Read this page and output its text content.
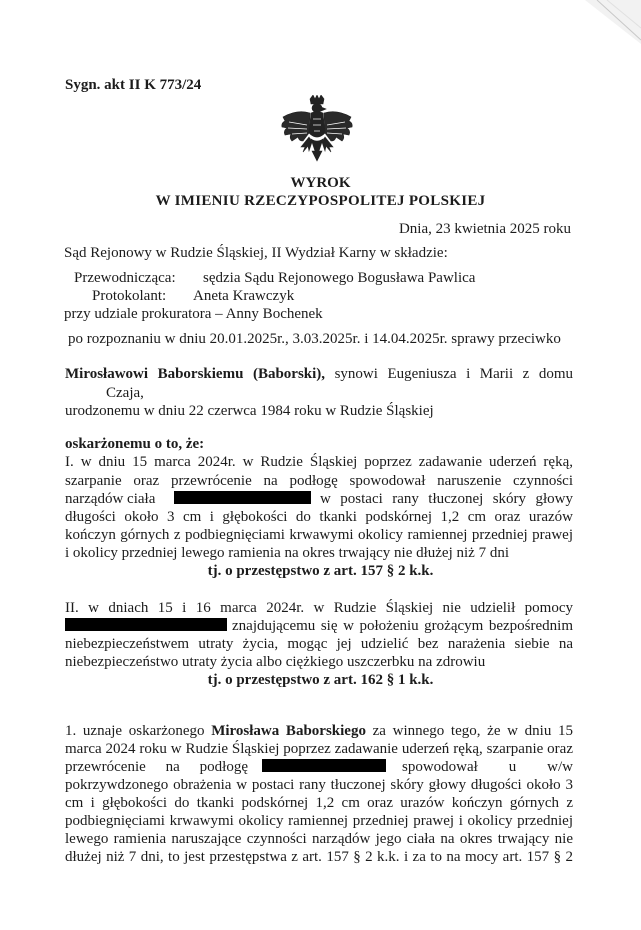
Sygn. akt II K 773/24
WYROK
W IMIENIU RZECZYPOSPOLITEJ POLSKIEJ
Dnia, 23 kwietnia 2025 roku
Sąd Rejonowy w Rudzie Śląskiej, II Wydział Karny w składzie:
Przewodnicząca: sędzia Sądu Rejonowego Bogusława Pawlica
Protokolant: Aneta Krawczyk
przy udziale prokuratora – Anny Bochenek
po rozpoznaniu w dniu 20.01.2025r., 3.03.2025r. i 14.04.2025r. sprawy przeciwko
Mirosławowi Baborskiemu (Baborski), synowi Eugeniusza i Marii z domu
Czaja,
urodzonemu w dniu 22 czerwca 1984 roku w Rudzie Śląskiej
oskarżonemu o to, że:
I. w dniu 15 marca 2024r. w Rudzie Śląskiej poprzez zadawanie uderzeń ręką,
szarpanie oraz przewrócenie na podłogę spowodował naruszenie czynności
narządów ciała	w postaci rany tłuczonej skóry głowy
długości około 3 cm i głębokości do tkanki podskórnej 1,2 cm oraz urazów
kończyn górnych z podbiegnięciami krwawymi okolicy ramiennej przedniej prawej
i okolicy przedniej lewego ramienia na okres trwający nie dłużej niż 7 dni
tj. o przestępstwo z art. 157 § 2 k.k.
II. w dniach 15 i 16 marca 2024r. w Rudzie Śląskiej nie udzielił pomocy
znajdującemu się w położeniu grożącym bezpośrednim
niebezpieczeństwem utraty życia, mogąc jej udzielić bez narażenia siebie na
niebezpieczeństwo utraty życia albo ciężkiego uszczerbku na zdrowiu
tj. o przestępstwo z art. 162 § 1 k.k.
1. uznaje oskarżonego Mirosława Baborskiego za winnego tego, że w dniu 15
marca 2024 roku w Rudzie Śląskiej poprzez zadawanie uderzeń ręką, szarpanie oraz
przewrócenie na podłogę	spowodował u w/w
pokrzywdzonego obrażenia w postaci rany tłuczonej skóry głowy długości około 3
cm i głębokości do tkanki podskórnej 1,2 cm oraz urazów kończyn górnych z
podbiegnięciami krwawymi okolicy ramiennej przedniej prawej i okolicy przedniej
lewego ramienia naruszające czynności narządów jego ciała na okres trwający nie
dłużej niż 7 dni, to jest przestępstwa z art. 157 § 2 k.k. i za to na mocy art. 157 § 2
